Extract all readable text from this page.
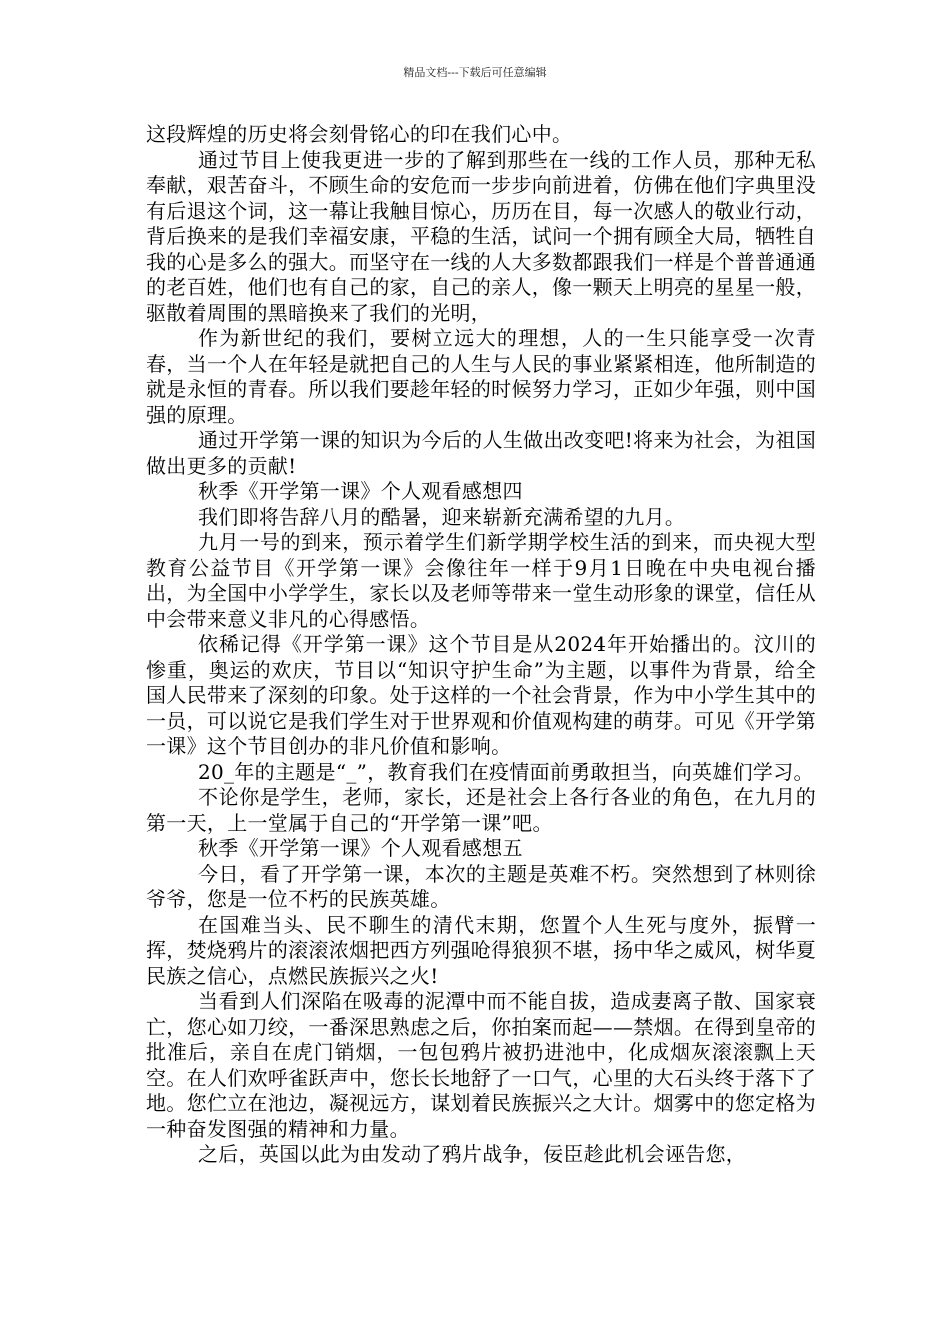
精品文档---下载后可任意编辑

这段辉煌的历史将会刻骨铭心的印在我们心中。

通过节目上使我更进一步的了解到那些在一线的工作人员，那种无私奉献，艰苦奋斗，不顾生命的安危而一步步向前进着，仿佛在他们字典里没有后退这个词，这一幕让我触目惊心，历历在目，每一次感人的敬业行动，背后换来的是我们幸福安康，平稳的生活，试问一个拥有顾全大局，牺牲自我的心是多么的强大。而坚守在一线的人大多数都跟我们一样是个普普通通的老百姓，他们也有自己的家，自己的亲人，像一颗天上明亮的星星一般，驱散着周围的黑暗换来了我们的光明，

作为新世纪的我们，要树立远大的理想，人的一生只能享受一次青春，当一个人在年轻是就把自己的人生与人民的事业紧紧相连，他所制造的就是永恒的青春。所以我们要趁年轻的时候努力学习，正如少年强，则中国强的原理。

通过开学第一课的知识为今后的人生做出改变吧!将来为社会，为祖国做出更多的贡献!

秋季《开学第一课》个人观看感想四

我们即将告辞八月的酷暑，迎来崭新充满希望的九月。

九月一号的到来，预示着学生们新学期学校生活的到来，而央视大型教育公益节目《开学第一课》会像往年一样于9月1日晚在中央电视台播出，为全国中小学学生，家长以及老师等带来一堂生动形象的课堂，信任从中会带来意义非凡的心得感悟。

依稀记得《开学第一课》这个节目是从2024年开始播出的。汶川的惨重，奥运的欢庆，节目以“知识守护生命”为主题，以事件为背景，给全国人民带来了深刻的印象。处于这样的一个社会背景，作为中小学生其中的一员，可以说它是我们学生对于世界观和价值观构建的萌芽。可见《开学第一课》这个节目创办的非凡价值和影响。

20_年的主题是“_”，教育我们在疫情面前勇敢担当，向英雄们学习。

不论你是学生，老师，家长，还是社会上各行各业的角色，在九月的第一天，上一堂属于自己的“开学第一课”吧。

秋季《开学第一课》个人观看感想五

今日，看了开学第一课，本次的主题是英难不朽。突然想到了林则徐爷爷，您是一位不朽的民族英雄。

在国难当头、民不聊生的清代末期，您置个人生死与度外，振臂一挥，焚烧鸦片的滚滚浓烟把西方列强呛得狼狈不堪，扬中华之威风，树华夏民族之信心，点燃民族振兴之火!

当看到人们深陷在吸毒的泥潭中而不能自拔，造成妻离子散、国家衰亡，您心如刀绞，一番深思熟虑之后，你拍案而起——禁烟。在得到皇帝的批准后，亲自在虎门销烟，一包包鸦片被扔进池中，化成烟灰滚滚飘上天空。在人们欢呼雀跃声中，您长长地舒了一口气，心里的大石头终于落下了地。您伫立在池边，凝视远方，谋划着民族振兴之大计。烟雾中的您定格为一种奋发图强的精神和力量。

之后，英国以此为由发动了鸦片战争，佞臣趁此机会诬告您，
